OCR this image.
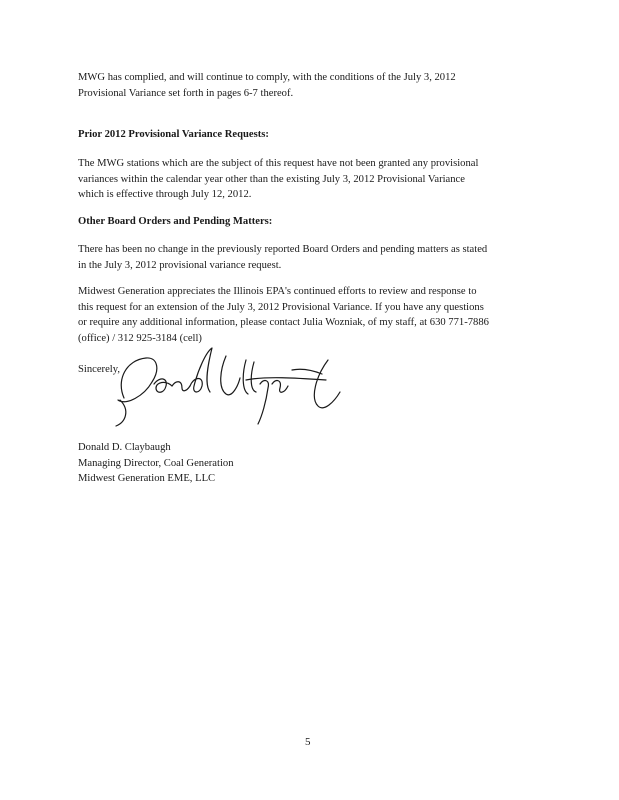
MWG has complied, and will continue to comply, with the conditions of the July 3, 2012
Provisional Variance set forth in pages 6-7 thereof.
Prior 2012 Provisional Variance Requests:
The MWG stations which are the subject of this request have not been granted any provisional
variances within the calendar year other than the existing July 3, 2012 Provisional Variance
which is effective through July 12, 2012.
Other Board Orders and Pending Matters:
There has been no change in the previously reported Board Orders and pending matters as stated
in the July 3, 2012 provisional variance request.
Midwest Generation appreciates the Illinois EPA's continued efforts to review and response to
this request for an extension of the July 3, 2012 Provisional Variance. If you have any questions
or require any additional information, please contact Julia Wozniak, of my staff, at 630 771-7886
(office) / 312 925-3184 (cell)
Sincerely,
Donald D. Claybaugh
Managing Director, Coal Generation
Midwest Generation EME, LLC
5
